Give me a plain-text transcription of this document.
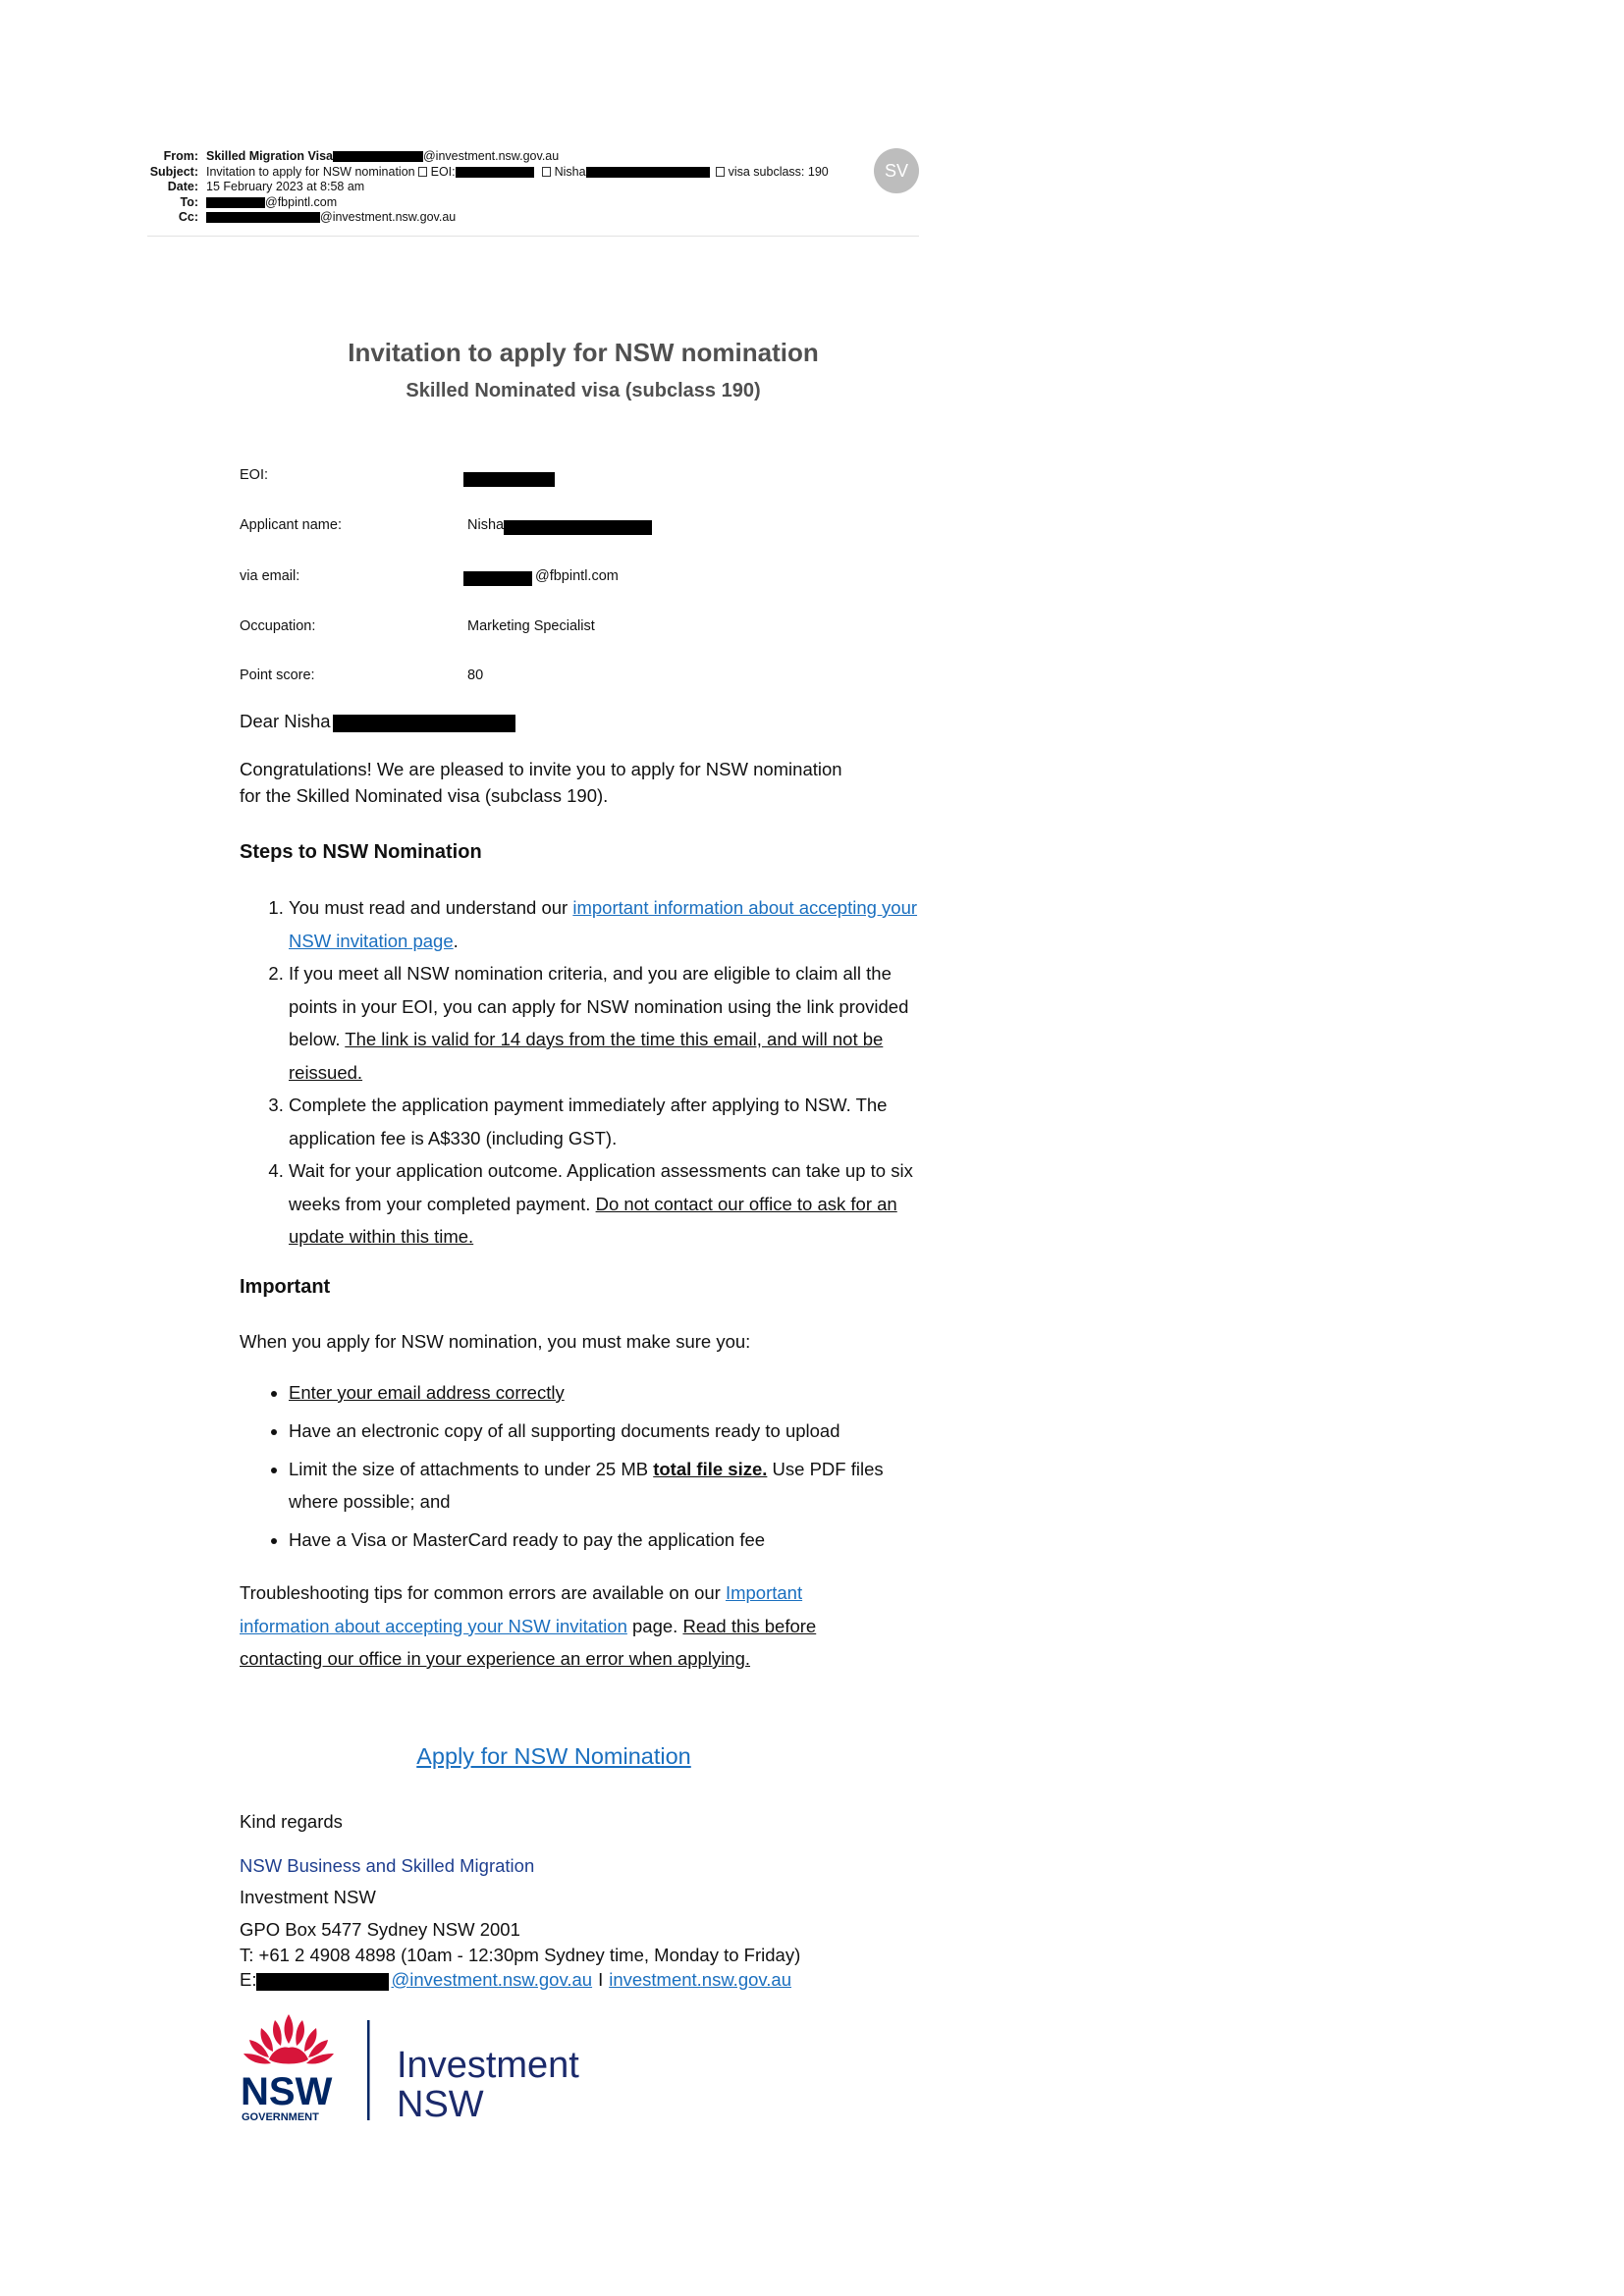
From: Skilled Migration Visa	@investment.nsw.gov.au
Subject: Invitation to apply for NSW nomination EOI:	Nisha	visa subclass: 190
Date: 15 February 2023 at 8:58 am
To:	@fbpintl.com
Cc:	@investment.nsw.gov.au
SV
Invitation to apply for NSW nomination
Skilled Nominated visa (subclass 190)
EOI:
Applicant name:	Nisha
via email:	@fbpintl.com
Occupation:	Marketing Specialist
Point score:	80
Dear Nisha
Congratulations! We are pleased to invite you to apply for NSW nomination for the Skilled Nominated visa (subclass 190).
Steps to NSW Nomination
1. You must read and understand our important information about accepting your NSW invitation page.
2. If you meet all NSW nomination criteria, and you are eligible to claim all the points in your EOI, you can apply for NSW nomination using the link provided below. The link is valid for 14 days from the time this email, and will not be reissued.
3. Complete the application payment immediately after applying to NSW. The application fee is A$330 (including GST).
4. Wait for your application outcome. Application assessments can take up to six weeks from your completed payment. Do not contact our office to ask for an update within this time.
Important
When you apply for NSW nomination, you must make sure you:
• Enter your email address correctly
• Have an electronic copy of all supporting documents ready to upload
• Limit the size of attachments to under 25 MB total file size. Use PDF files where possible; and
• Have a Visa or MasterCard ready to pay the application fee
Troubleshooting tips for common errors are available on our Important information about accepting your NSW invitation page. Read this before contacting our office in your experience an error when applying.
Apply for NSW Nomination
Kind regards
NSW Business and Skilled Migration
Investment NSW
GPO Box 5477 Sydney NSW 2001
T: +61 2 4908 4898 (10am - 12:30pm Sydney time, Monday to Friday)
E:	@investment.nsw.gov.au I investment.nsw.gov.au
NSW
GOVERNMENT
Investment
NSW
